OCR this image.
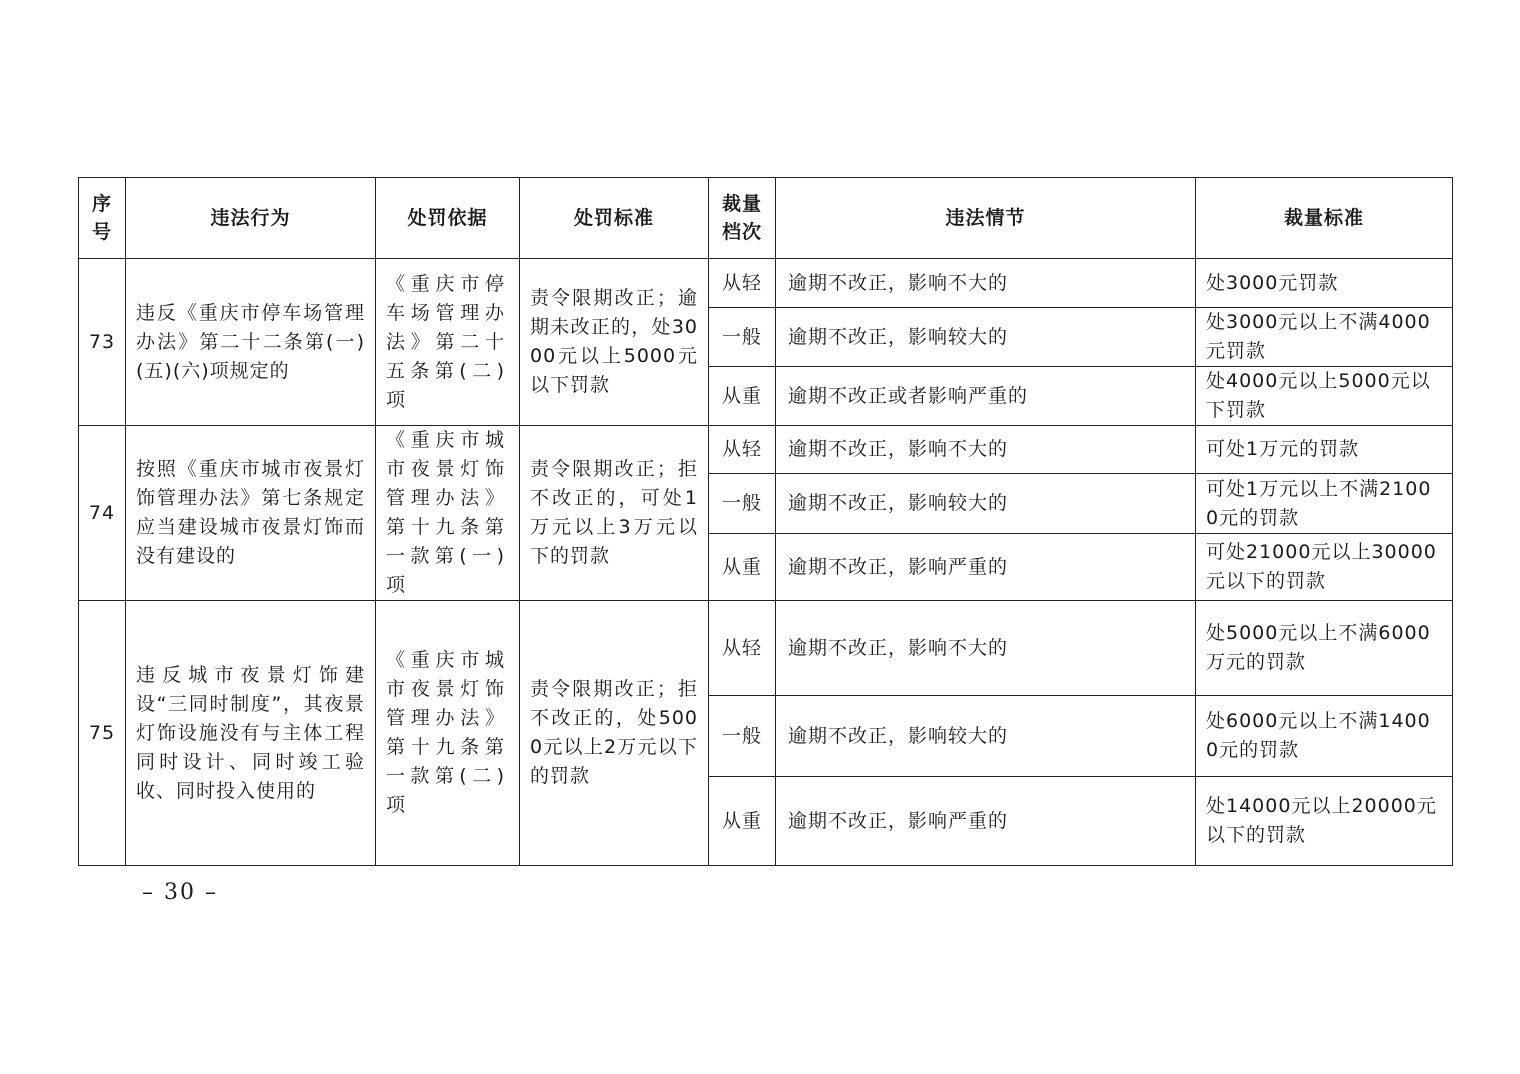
序号	违法行为	处罚依据	处罚标准	裁量档次	违法情节	裁量标准
73	违反《重庆市停车场管理办法》第二十二条第(一)(五)(六)项规定的	《重庆市停车场管理办法》第二十五条第(二)项	责令限期改正；逾期未改正的，处3000元以上5000元以下罚款	从轻	逾期不改正，影响不大的	处3000元罚款
				一般	逾期不改正，影响较大的	处3000元以上不满4000元罚款
				从重	逾期不改正或者影响严重的	处4000元以上5000元以下罚款
74	按照《重庆市城市夜景灯饰管理办法》第七条规定应当建设城市夜景灯饰而没有建设的	《重庆市城市夜景灯饰管理办法》第十九条第一款第(一)项	责令限期改正；拒不改正的，可处1万元以上3万元以下的罚款	从轻	逾期不改正，影响不大的	可处1万元的罚款
				一般	逾期不改正，影响较大的	可处1万元以上不满21000元的罚款
				从重	逾期不改正，影响严重的	可处21000元以上30000元以下的罚款
75	违反城市夜景灯饰建设“三同时制度”，其夜景灯饰设施没有与主体工程同时设计、同时竣工验收、同时投入使用的	《重庆市城市夜景灯饰管理办法》第十九条第一款第(二)项	责令限期改正；拒不改正的，处5000元以上2万元以下的罚款	从轻	逾期不改正，影响不大的	处5000元以上不满6000万元的罚款
				一般	逾期不改正，影响较大的	处6000元以上不满14000元的罚款
				从重	逾期不改正，影响严重的	处14000元以上20000元以下的罚款
– 30 –
